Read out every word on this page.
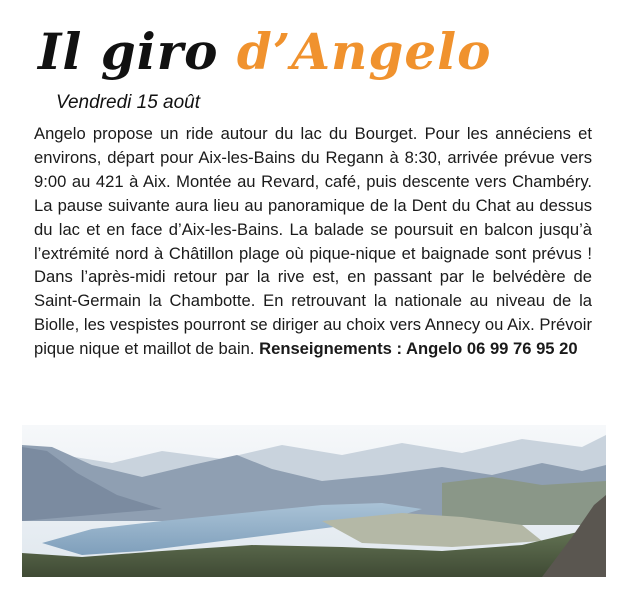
Il giro d’Angelo
Vendredi 15 août

Angelo propose un ride autour du lac du Bourget. Pour les annéciens et environs, départ pour Aix-les-Bains du Regann à 8:30, arrivée prévue vers 9:00 au 421 à Aix. Montée au Revard, café, puis descente vers Chambéry. La pause suivante aura lieu au panoramique de la Dent du Chat au dessus du lac et en face d’Aix-les-Bains. La balade se poursuit en balcon jusqu’à l’extrémité nord à Châtillon plage où pique-nique et baignade sont prévus ! Dans l’après-midi retour par la rive est, en passant par le belvédère de Saint-Germain la Chambotte. En retrouvant la nationale au niveau de la Biolle, les vespistes pourront se diriger au choix vers Annecy ou Aix. Prévoir pique nique et maillot de bain. Renseignements : Angelo 06 99 76 95 20
